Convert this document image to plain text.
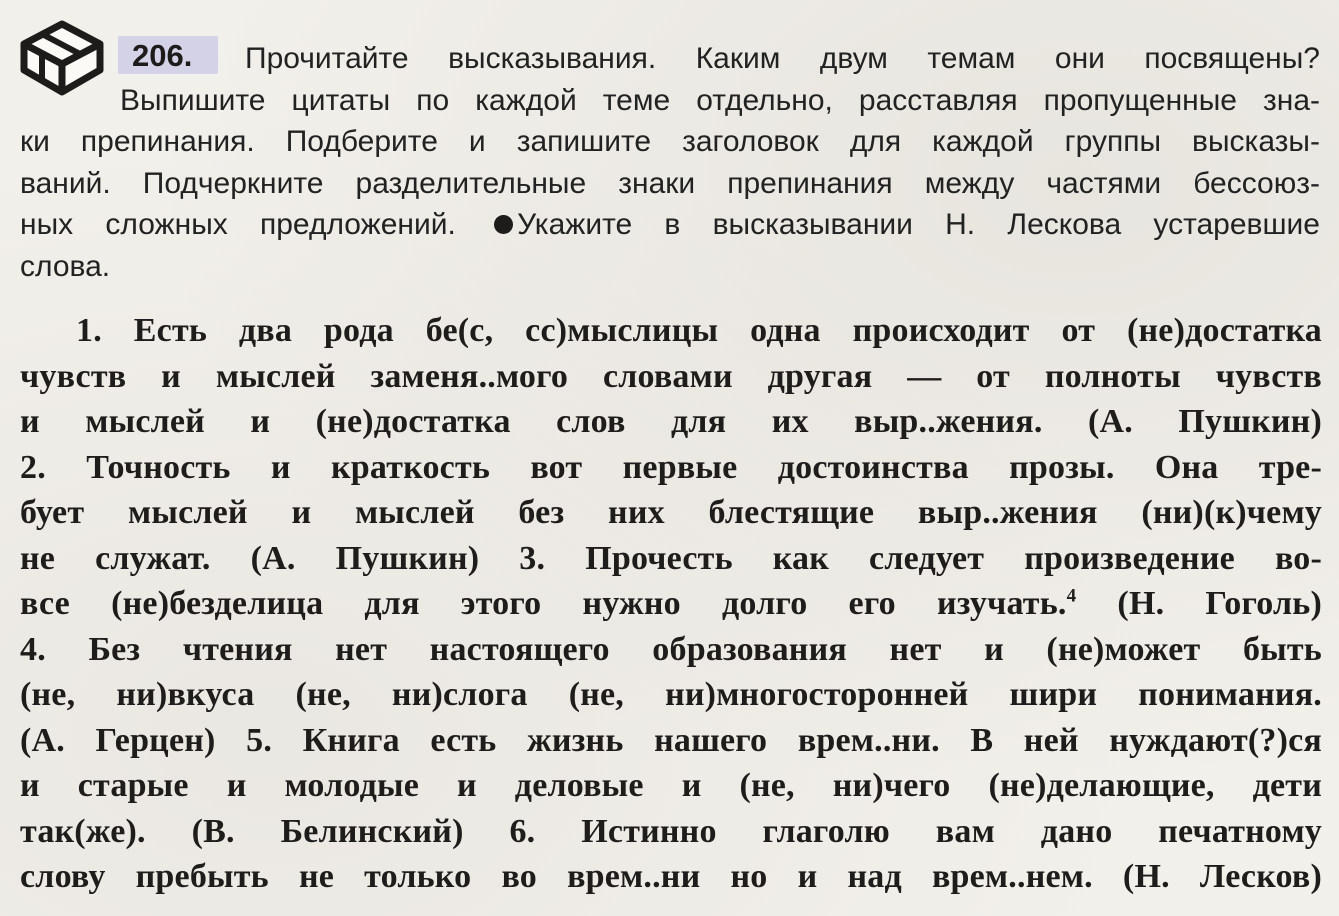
206.	Прочитайте высказывания. Каким двум темам они посвящены?
Выпишите цитаты по каждой теме отдельно, расставляя пропущенные зна-
ки препинания. Подберите и запишите заголовок для каждой группы высказы-
ваний. Подчеркните разделительные знаки препинания между частями бессоюз-
ных сложных предложений. Укажите в высказывании Н. Лескова устаревшие
слова.
1. Есть два рода бе(с, сс)мыслицы одна происходит от (не)достатка
чувств и мыслей заменя..мого словами другая — от полноты чувств
и мыслей и (не)достатка слов для их выр..жения. (А. Пушкин)
2. Точность и краткость вот первые достоинства прозы. Она тре-
бует мыслей и мыслей без них блестящие выр..жения (ни)(к)чему
не служат. (А. Пушкин) 3. Прочесть как следует произведение во-
все (не)безделица для этого нужно долго его изучать.$^4$ (Н. Гоголь)
4. Без чтения нет настоящего образования нет и (не)может быть
(не, ни)вкуса (не, ни)слога (не, ни)многосторонней шири понимания.
(А. Герцен) 5. Книга есть жизнь нашего врем..ни. В ней нуждают(?)ся
и старые и молодые и деловые и (не, ни)чего (не)делающие, дети
так(же). (В. Белинский) 6. Истинно глаголю вам дано печатному
слову пребыть не только во врем..ни но и над врем..нем. (Н. Лесков)
